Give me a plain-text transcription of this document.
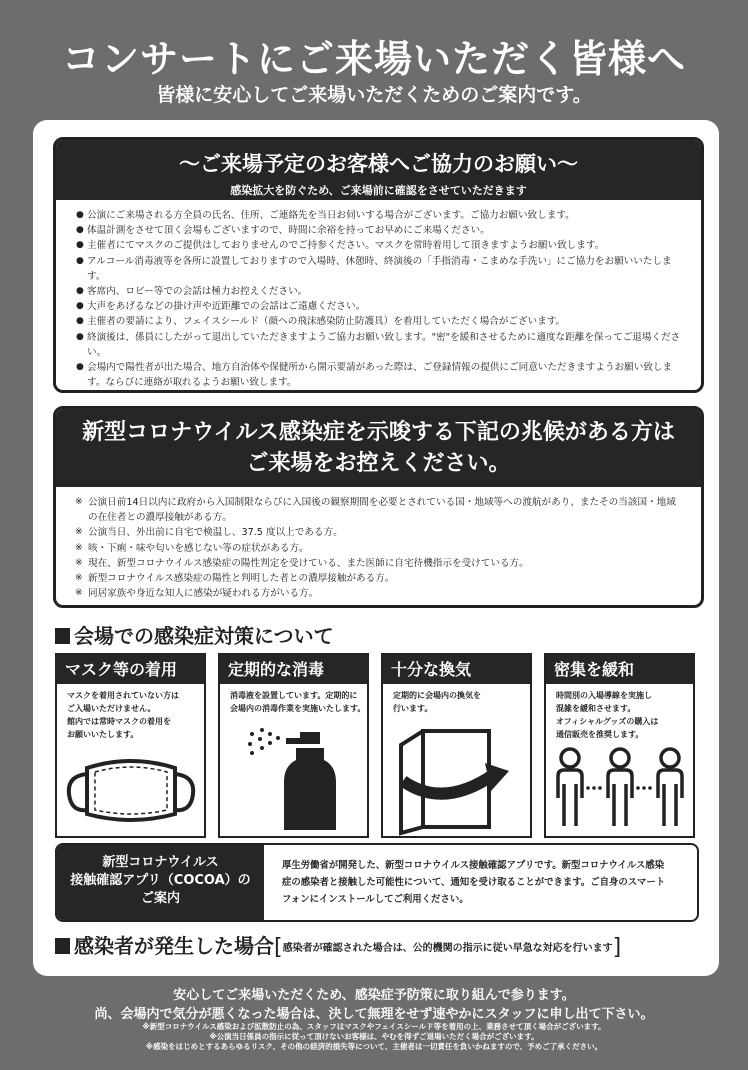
コンサートにご来場いただく皆様へ
皆様に安心してご来場いただくためのご案内です。
〜ご来場予定のお客様へご協力のお願い〜
感染拡大を防ぐため、ご来場前に確認をさせていただきます
● 公演にご来場される方全員の氏名、住所、ご連絡先を当日お伺いする場合がございます。ご協力お願い致します。
● 体温計測をさせて頂く会場もございますので、時間に余裕を持ってお早めにご来場ください。
● 主催者にてマスクのご提供はしておりませんのでご持参ください。マスクを常時着用して頂きますようお願い致します。
● アルコール消毒液等を各所に設置しておりますので入場時、休憩時、終演後の「手指消毒・こまめな手洗い」にご協力をお願いいたします。
● 客席内、ロビー等での会話は極力お控えください。
● 大声をあげるなどの掛け声や近距離での会話はご遠慮ください。
● 主催者の要請により、フェイスシールド（顔への飛沫感染防止防護具）を着用していただく場合がございます。
● 終演後は、係員にしたがって退出していただきますようご協力お願い致します。"密"を緩和させるために適度な距離を保ってご退場ください。
● 会場内で陽性者が出た場合、地方自治体や保健所から開示要請があった際は、ご登録情報の提供にご同意いただきますようお願い致します。ならびに連絡が取れるようお願い致します。
新型コロナウイルス感染症を示唆する下記の兆候がある方は
ご来場をお控えください。
※ 公演日前14日以内に政府から入国制限ならびに入国後の観察期間を必要とされている国・地域等への渡航があり、またその当該国・地域の在住者との濃厚接触がある方。
※ 公演当日、外出前に自宅で検温し、37.5 度以上である方。
※ 咳・下痢・味や匂いを感じない等の症状がある方。
※ 現在、新型コロナウイルス感染症の陽性判定を受けている、また医師に自宅待機指示を受けている方。
※ 新型コロナウイルス感染症の陽性と判明した者との濃厚接触がある方。
※ 同居家族や身近な知人に感染が疑われる方がいる方。
会場での感染症対策について
マスク等の着用
マスクを着用されていない方は
ご入場いただけません。
館内では常時マスクの着用を
お願いいたします。
定期的な消毒
消毒液を設置しています。定期的に
会場内の消毒作業を実施いたします。
十分な換気
定期的に会場内の換気を
行います。
密集を緩和
時間別の入場導線を実施し
混雑を緩和させます。
オフィシャルグッズの購入は
通信販売を推奨します。
新型コロナウイルス
接触確認アプリ（COCOA）の
ご案内
厚生労働省が開発した、新型コロナウイルス接触確認アプリです。新型コロナウイルス感染
症の感染者と接触した可能性について、通知を受け取ることができます。ご自身のスマート
フォンにインストールしてご利用ください。
感染者が発生した場合[感染者が確認された場合は、公的機関の指示に従い早急な対応を行います]
安心してご来場いただくため、感染症予防策に取り組んで参ります。
尚、会場内で気分が悪くなった場合は、決して無理をせず速やかにスタッフに申し出て下さい。
※新型コロナウイルス感染および拡散防止の為、スタッフはマスクやフェイスシールド等を着用の上、業務させて頂く場合がございます。
※公演当日係員の指示に従って頂けないお客様は、やむを得ずご退場いただく場合がございます。
※感染をはじめとするあらゆるリスク、その他の経済的損失等について、主催者は一切責任を負いかねますので、予めご了承ください。
